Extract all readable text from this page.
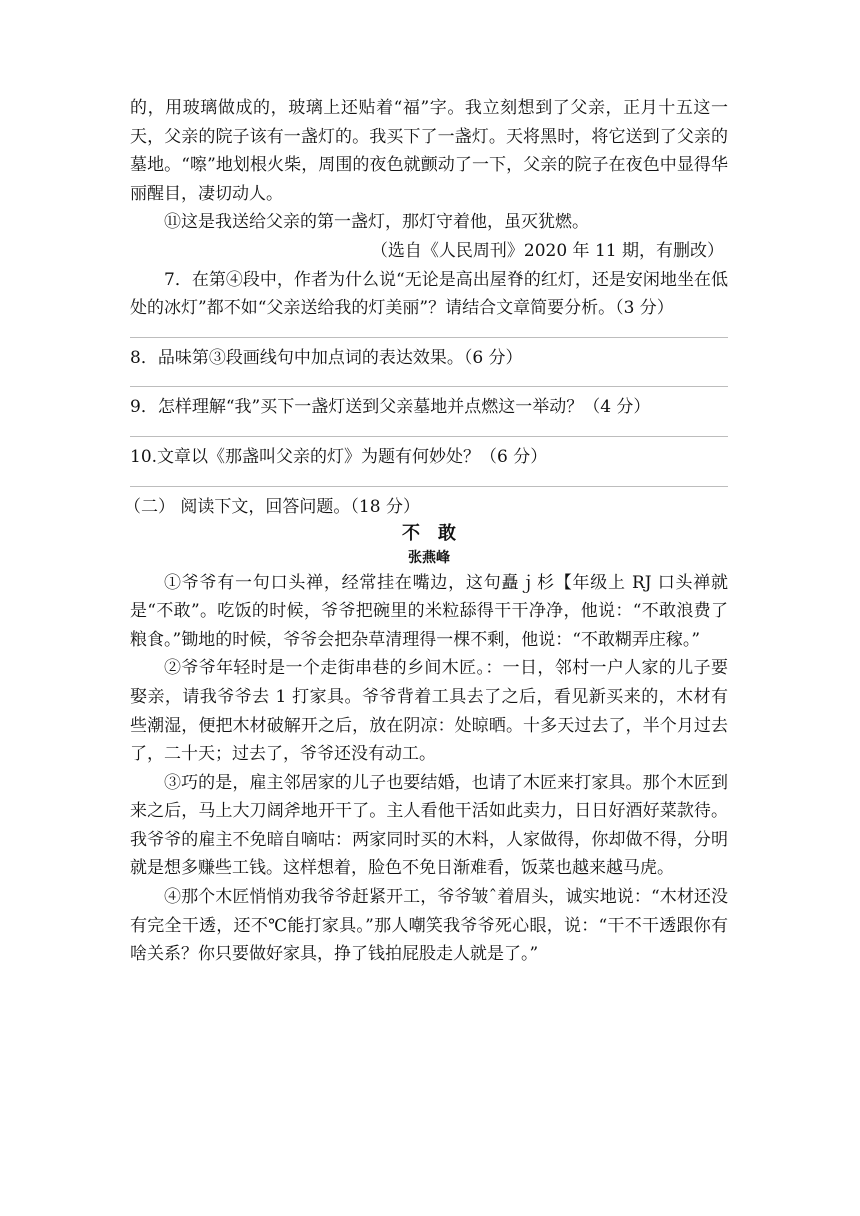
的，用玻璃做成的，玻璃上还贴着“福”字。我立刻想到了父亲，正月十五这一天，父亲的院子该有一盏灯的。我买下了一盏灯。天将黑时，将它送到了父亲的墓地。“嚓”地划根火柴，周围的夜色就颤动了一下，父亲的院子在夜色中显得华丽醒目，凄切动人。

⑪这是我送给父亲的第一盏灯，那灯守着他，虽灭犹燃。

（选自《人民周刊》2020 年 11 期，有删改）

7．在第④段中，作者为什么说“无论是高出屋脊的红灯，还是安闲地坐在低处的冰灯”都不如“父亲送给我的灯美丽”？请结合文章简要分析。（3 分）

8．品味第③段画线句中加点词的表达效果。（6 分）

9．怎样理解“我”买下一盏灯送到父亲墓地并点燃这一举动？（4 分）

10.文章以《那盏叫父亲的灯》为题有何妙处？（6 分）

（二） 阅读下文，回答问题。（18 分）

不敢

张燕峰

①爷爷有一句口头禅，经常挂在嘴边，这句矗ｊ杉【年级上 RJ 口头禅就是“不敢”。吃饭的时候，爷爷把碗里的米粒舔得干干净净，他说：“不敢浪费了粮食。”锄地的时候，爷爷会把杂草清理得一棵不剩，他说：“不敢糊弄庄稼。”

②爷爷年轻时是一个走街串巷的乡间木匠。：一日，邻村一户人家的儿子要娶亲，请我爷爷去 1 打家具。爷爷背着工具去了之后，看见新买来的，木材有些潮湿，便把木材破解开之后，放在阴凉：处晾晒。十多天过去了，半个月过去了，二十天；过去了，爷爷还没有动工。

③巧的是，雇主邻居家的儿子也要结婚，也请了木匠来打家具。那个木匠到来之后，马上大刀阔斧地开干了。主人看他干活如此卖力，日日好酒好菜款待。我爷爷的雇主不免暗自嘀咕：两家同时买的木料，人家做得，你却做不得，分明就是想多赚些工钱。这样想着，脸色不免日渐难看，饭菜也越来越马虎。

④那个木匠悄悄劝我爷爷赶紧开工，爷爷皱ˆ着眉头，诚实地说：“木材还没有完全干透，还不℃能打家具。”那人嘲笑我爷爷死心眼，说：“干不干透跟你有啥关系？你只要做好家具，挣了钱拍屁股走人就是了。”
